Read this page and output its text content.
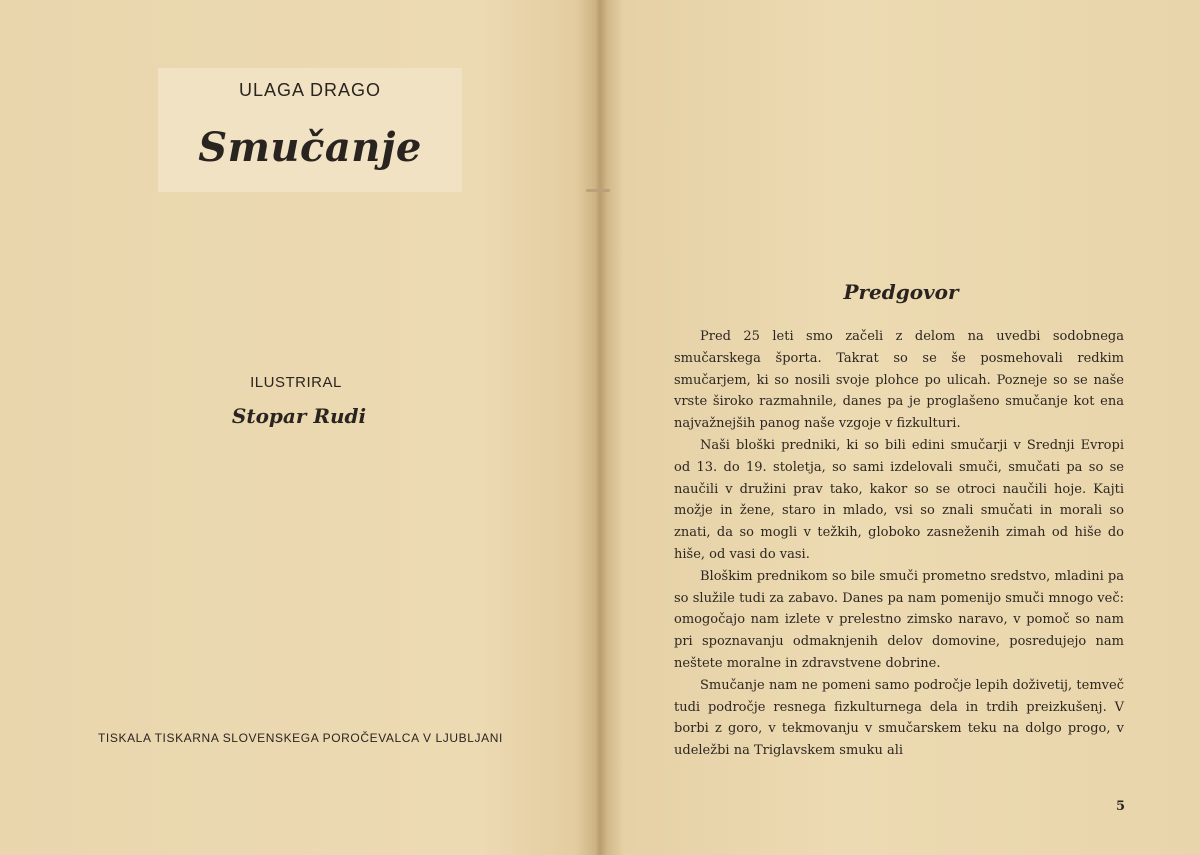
ULAGA DRAGO
Smučanje
ILUSTRIRAL
Stopar Rudi
TISKALA TISKARNA SLOVENSKEGA POROČEVALCA V LJUBLJANI
Predgovor

Pred 25 leti smo začeli z delom na uvedbi sodobnega smučarskega športa. Takrat so se še posmehovali redkim smučarjem, ki so nosili svoje plohce po ulicah. Pozneje so se naše vrste široko razmahnile, danes pa je proglašeno smučanje kot ena najvažnejših panog naše vzgoje v fizkulturi.

Naši bloški predniki, ki so bili edini smučarji v Srednji Evropi od 13. do 19. stoletja, so sami izdelovali smuči, smučati pa so se naučili v družini prav tako, kakor so se otroci naučili hoje. Kajti možje in žene, staro in mlado, vsi so znali smučati in morali so znati, da so mogli v težkih, globoko zasneženih zimah od hiše do hiše, od vasi do vasi.

Bloškim prednikom so bile smuči prometno sredstvo, mladini pa so služile tudi za zabavo. Danes pa nam pomenijo smuči mnogo več: omogočajo nam izlete v prelestno zimsko naravo, v pomoč so nam pri spoznavanju odmaknjenih delov domovine, posredujejo nam neštete moralne in zdravstvene dobrine.

Smučanje nam ne pomeni samo področje lepih doživetij, temveč tudi področje resnega fizkulturnega dela in trdih preizkušenj. V borbi z goro, v tekmovanju v smučarskem teku na dolgo progo, v udeležbi na Triglavskem smuku ali

5
